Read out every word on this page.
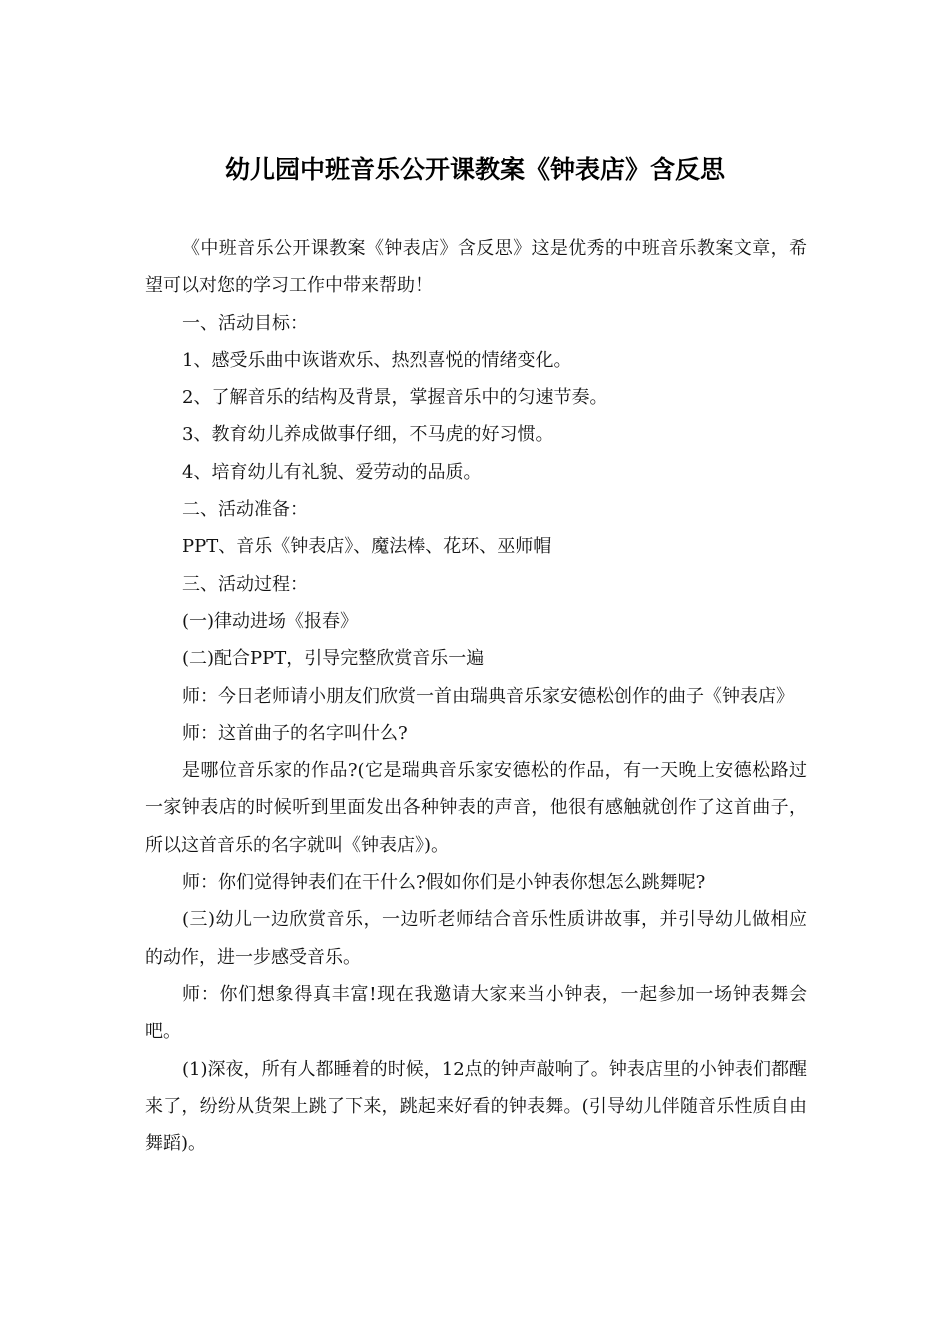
幼儿园中班音乐公开课教案《钟表店》含反思

《中班音乐公开课教案《钟表店》含反思》这是优秀的中班音乐教案文章，希望可以对您的学习工作中带来帮助！

一、活动目标：

1、感受乐曲中诙谐欢乐、热烈喜悦的情绪变化。

2、了解音乐的结构及背景，掌握音乐中的匀速节奏。

3、教育幼儿养成做事仔细，不马虎的好习惯。

4、培育幼儿有礼貌、爱劳动的品质。

二、活动准备：

PPT、音乐《钟表店》、魔法棒、花环、巫师帽

三、活动过程：

(一)律动进场《报春》

(二)配合PPT，引导完整欣赏音乐一遍

师：今日老师请小朋友们欣赏一首由瑞典音乐家安德松创作的曲子《钟表店》

师：这首曲子的名字叫什么?

是哪位音乐家的作品?(它是瑞典音乐家安德松的作品，有一天晚上安德松路过一家钟表店的时候听到里面发出各种钟表的声音，他很有感触就创作了这首曲子，所以这首音乐的名字就叫《钟表店》)。

师：你们觉得钟表们在干什么?假如你们是小钟表你想怎么跳舞呢?

(三)幼儿一边欣赏音乐，一边听老师结合音乐性质讲故事，并引导幼儿做相应的动作，进一步感受音乐。

师：你们想象得真丰富!现在我邀请大家来当小钟表，一起参加一场钟表舞会吧。

(1)深夜，所有人都睡着的时候，12点的钟声敲响了。钟表店里的小钟表们都醒来了，纷纷从货架上跳了下来，跳起来好看的钟表舞。(引导幼儿伴随音乐性质自由舞蹈)。
